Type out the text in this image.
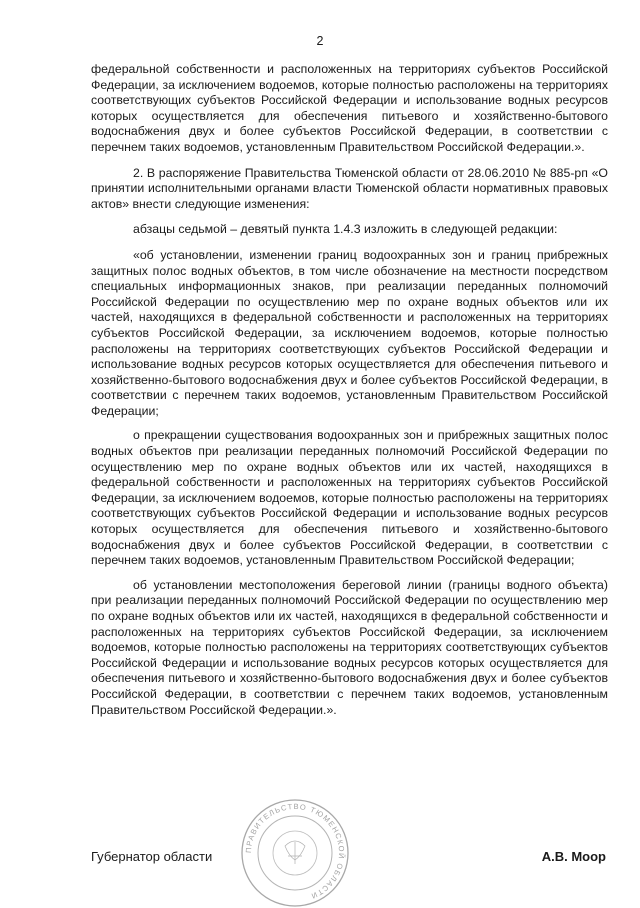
2

федеральной собственности и расположенных на территориях субъектов Российской Федерации, за исключением водоемов, которые полностью расположены на территориях соответствующих субъектов Российской Федерации и использование водных ресурсов которых осуществляется для обеспечения питьевого и хозяйственно-бытового водоснабжения двух и более субъектов Российской Федерации, в соответствии с перечнем таких водоемов, установленным Правительством Российской Федерации.».

2. В распоряжение Правительства Тюменской области от 28.06.2010 № 885-рп «О принятии исполнительными органами власти Тюменской области нормативных правовых актов» внести следующие изменения:

абзацы седьмой – девятый пункта 1.4.3 изложить в следующей редакции:

«об установлении, изменении границ водоохранных зон и границ прибрежных защитных полос водных объектов, в том числе обозначение на местности посредством специальных информационных знаков, при реализации переданных полномочий Российской Федерации по осуществлению мер по охране водных объектов или их частей, находящихся в федеральной собственности и расположенных на территориях субъектов Российской Федерации, за исключением водоемов, которые полностью расположены на территориях соответствующих субъектов Российской Федерации и использование водных ресурсов которых осуществляется для обеспечения питьевого и хозяйственно-бытового водоснабжения двух и более субъектов Российской Федерации, в соответствии с перечнем таких водоемов, установленным Правительством Российской Федерации;

о прекращении существования водоохранных зон и прибрежных защитных полос водных объектов при реализации переданных полномочий Российской Федерации по осуществлению мер по охране водных объектов или их частей, находящихся в федеральной собственности и расположенных на территориях субъектов Российской Федерации, за исключением водоемов, которые полностью расположены на территориях соответствующих субъектов Российской Федерации и использование водных ресурсов которых осуществляется для обеспечения питьевого и хозяйственно-бытового водоснабжения двух и более субъектов Российской Федерации, в соответствии с перечнем таких водоемов, установленным Правительством Российской Федерации;

об установлении местоположения береговой линии (границы водного объекта) при реализации переданных полномочий Российской Федерации по осуществлению мер по охране водных объектов или их частей, находящихся в федеральной собственности и расположенных на территориях субъектов Российской Федерации, за исключением водоемов, которые полностью расположены на территориях соответствующих субъектов Российской Федерации и использование водных ресурсов которых осуществляется для обеспечения питьевого и хозяйственно-бытового водоснабжения двух и более субъектов Российской Федерации, в соответствии с перечнем таких водоемов, установленным Правительством Российской Федерации.».

ПРАВИТЕЛЬСТВО ТЮМЕНСКОЙ ОБЛАСТИ
Губернатор области	А.В. Моор
